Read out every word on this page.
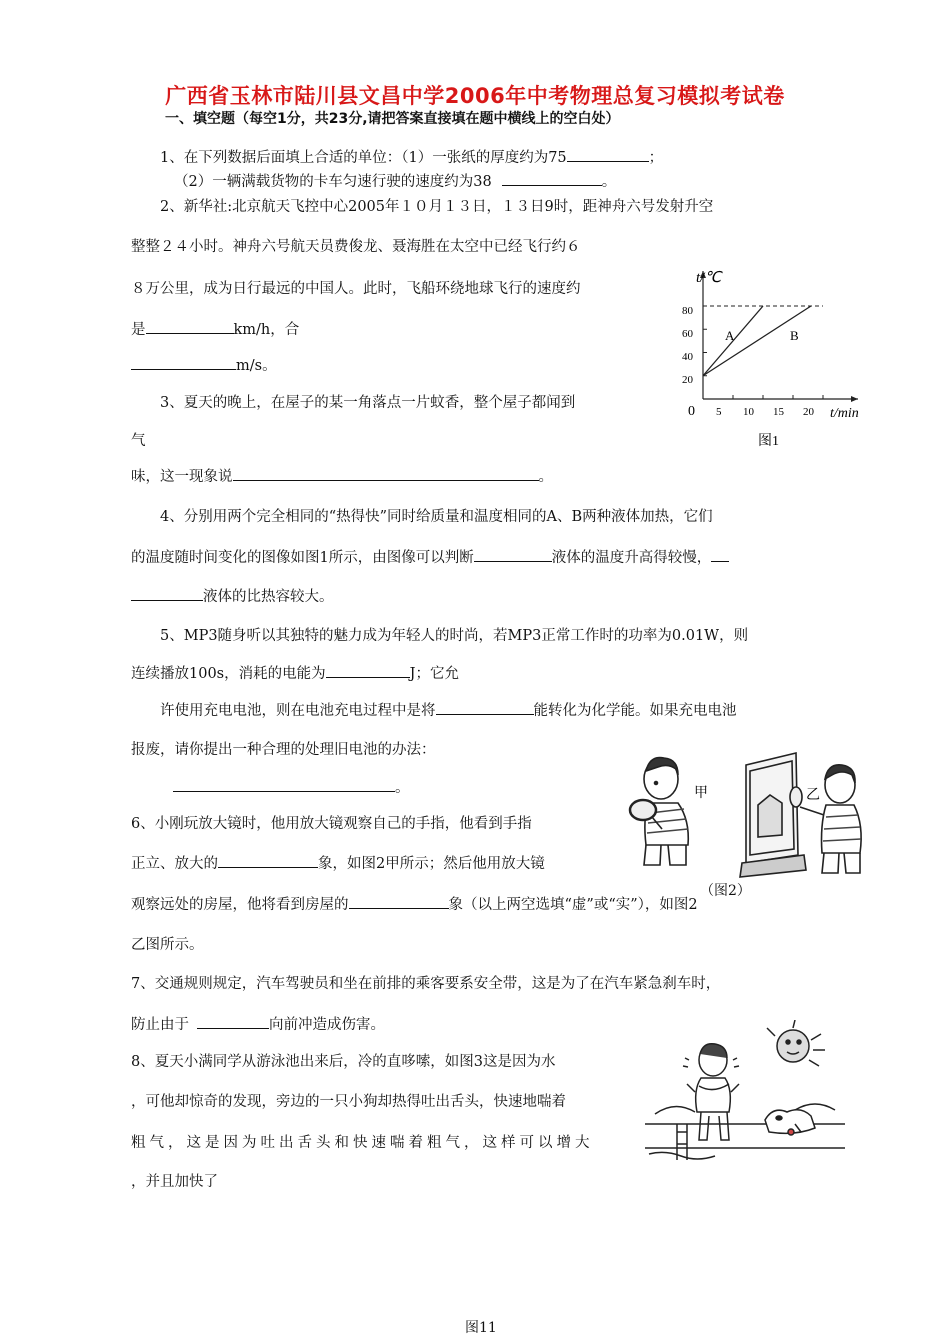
广西省玉林市陆川县文昌中学2006年中考物理总复习模拟考试卷
一、填空题（每空1分，共23分,请把答案直接填在题中横线上的空白处）
1、在下列数据后面填上合适的单位：（1）一张纸的厚度约为75	；
（2）一辆满载货物的卡车匀速行驶的速度约为38	。
2、新华社:北京航天飞控中心2005年１０月１３日，１３日9时，距神舟六号发射升空
整整２４小时。神舟六号航天员费俊龙、聂海胜在太空中已经飞行约６
８万公里，成为日行最远的中国人。此时，飞船环绕地球飞行的速度约
是	km/h，合
m/s。
3、夏天的晚上，在屋子的某一角落点一片蚊香，整个屋子都闻到
气
味，这一现象说	。
4、分别用两个完全相同的“热得快”同时给质量和温度相同的A、B两种液体加热，它们
的温度随时间变化的图像如图1所示，由图像可以判断	液体的温度升高得较慢，
液体的比热容较大。
5、MP3随身听以其独特的魅力成为年轻人的时尚，若MP3正常工作时的功率为0.01W，则
连续播放100s，消耗的电能为	J；它允
许使用充电电池，则在电池充电过程中是将	能转化为化学能。如果充电电池
报废，请你提出一种合理的处理旧电池的办法：
。
6、小刚玩放大镜时，他用放大镜观察自己的手指，他看到手指
正立、放大的	象，如图2甲所示；然后他用放大镜
观察远处的房屋，他将看到房屋的	象（以上两空选填“虚”或“实”），如图2
乙图所示。
7、交通规则规定，汽车驾驶员和坐在前排的乘客要系安全带，这是为了在汽车紧急刹车时，
防止由于	向前冲造成伤害。
8、夏天小满同学从游泳池出来后，冷的直哆嗦，如图3这是因为水
，可他却惊奇的发现，旁边的一只小狗却热得吐出舌头，快速地喘着
粗气，这是因为吐出舌头和快速喘着粗气，这样可以增大
，并且加快了
t/℃
t/min
0
A	B
80
60
40
20
5 10 15 20
图1
甲	乙
（图2）
图11
